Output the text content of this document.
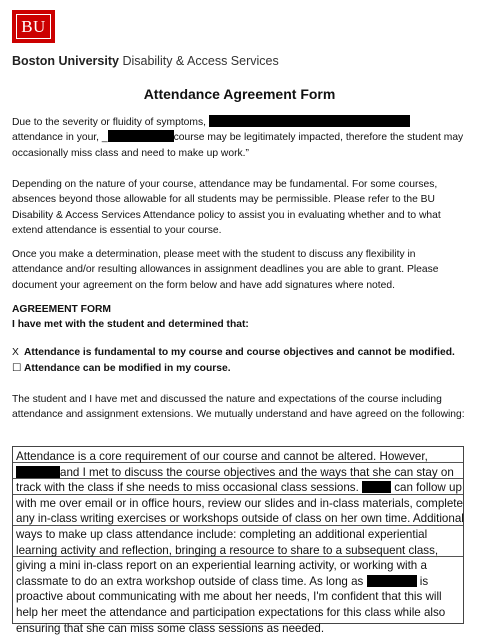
BU
Boston University Disability & Access Services
Attendance Agreement Form
Due to the severity or fluidity of symptoms,
attendance in your, _	course may be legitimately impacted, therefore the student may occasionally miss class and need to make up work.”
Depending on the nature of your course, attendance may be fundamental. For some courses, absences beyond those allowable for all students may be permissible. Please refer to the BU Disability & Access Services Attendance policy to assist you in evaluating whether and to what extend attendance is essential to your course.
Once you make a determination, please meet with the student to discuss any flexibility in attendance and/or resulting allowances in assignment deadlines you are able to grant. Please document your agreement on the form below and have add signatures where noted.
AGREEMENT FORM
I have met with the student and determined that:
X Attendance is fundamental to my course and course objectives and cannot be modified.
☐ Attendance can be modified in my course.
The student and I have met and discussed the nature and expectations of the course including attendance and assignment extensions. We mutually understand and have agreed on the following:
Attendance is a core requirement of our course and cannot be altered. However, and I met to discuss the course objectives and the ways that she can stay on track with the class if she needs to miss occasional class sessions.	can follow up with me over email or in office hours, review our slides and in-class materials, complete any in-class writing exercises or workshops outside of class on her own time. Additional ways to make up class attendance include: completing an additional experiential learning activity and reflection, bringing a resource to share to a subsequent class, giving a mini in-class report on an experiential learning activity, or working with a classmate to do an extra workshop outside of class time. As long as	is proactive about communicating with me about her needs, I'm confident that this will help her meet the attendance and participation expectations for this class while also ensuring that she can miss some class sessions as needed.
